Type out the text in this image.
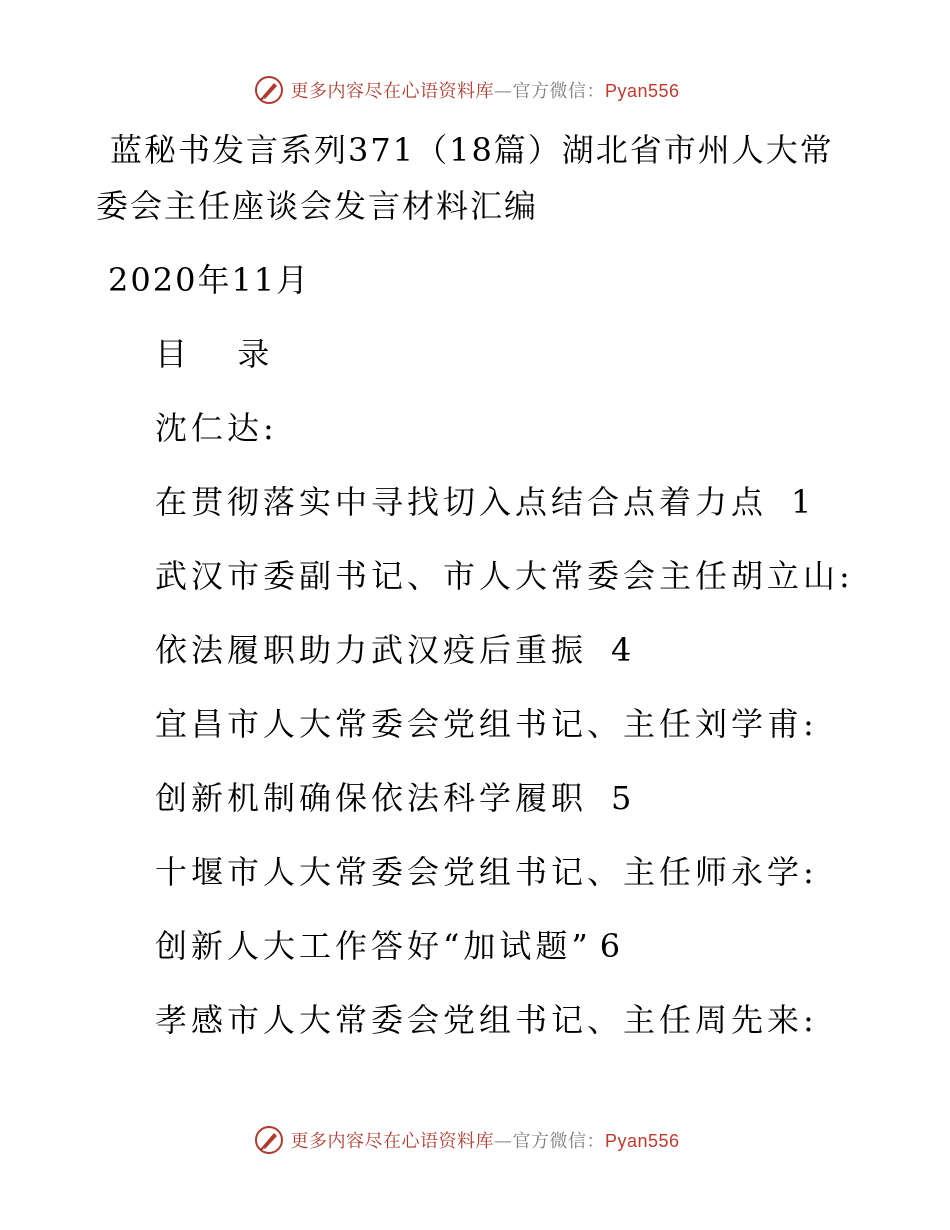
更多内容尽在心语资料库—官方微信：Pyan556
蓝秘书发言系列371（18篇）湖北省市州人大常委会主任座谈会发言材料汇编
2020年11月
目  录
沈仁达:
在贯彻落实中寻找切入点结合点着力点 1
武汉市委副书记、市人大常委会主任胡立山:
依法履职助力武汉疫后重振 4
宜昌市人大常委会党组书记、主任刘学甫:
创新机制确保依法科学履职 5
十堰市人大常委会党组书记、主任师永学:
创新人大工作答好“加试题” 6
孝感市人大常委会党组书记、主任周先来:
更多内容尽在心语资料库—官方微信：Pyan556
